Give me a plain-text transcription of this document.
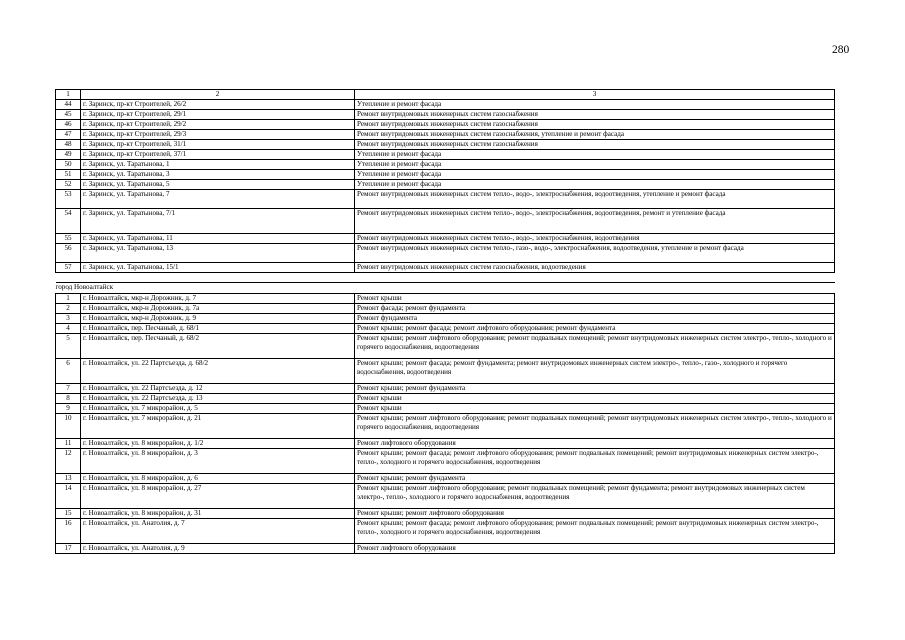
280
1	2	3
44	г. Заринск, пр-кт Строителей, 26/2	Утепление и ремонт фасада
45	г. Заринск, пр-кт Строителей, 29/1	Ремонт внутридомовых инженерных систем газоснабжения
46	г. Заринск, пр-кт Строителей, 29/2	Ремонт внутридомовых инженерных систем газоснабжения
47	г. Заринск, пр-кт Строителей, 29/3	Ремонт внутридомовых инженерных систем газоснабжения, утепление и ремонт фасада
48	г. Заринск, пр-кт Строителей, 31/1	Ремонт внутридомовых инженерных систем газоснабжения
49	г. Заринск, пр-кт Строителей, 37/1	Утепление и ремонт фасада
50	г. Заринск, ул. Таратынова, 1	Утепление и ремонт фасада
51	г. Заринск, ул. Таратынова, 3	Утепление и ремонт фасада
52	г. Заринск, ул. Таратынова, 5	Утепление и ремонт фасада
53	г. Заринск, ул. Таратынова, 7	Ремонт внутридомовых инженерных систем тепло-, водо-, электроснабжения, водоотведения, утепление и ремонт фасада
54	г. Заринск, ул. Таратынова, 7/1	Ремонт внутридомовых инженерных систем тепло-, водо-, электроснабжения, водоотведения, ремонт и утепление фасада
55	г. Заринск, ул. Таратынова, 11	Ремонт внутридомовых инженерных систем тепло-, водо-, электроснабжения, водоотведения
56	г. Заринск, ул. Таратынова, 13	Ремонт внутридомовых инженерных систем тепло-, газо-, водо-, электроснабжения, водоотведения, утепление и ремонт фасада
57	г. Заринск, ул. Таратынова, 15/1	Ремонт внутридомовых инженерных систем газоснабжения, водоотведения

город Новоалтайск		
1	г. Новоалтайск, мкр-н Дорожник, д. 7	Ремонт крыши
2	г. Новоалтайск, мкр-н Дорожник, д. 7а	Ремонт фасада; ремонт фундамента
3	г. Новоалтайск, мкр-н Дорожник, д. 9	Ремонт фундамента
4	г. Новоалтайск, пер. Песчаный, д. 68/1	Ремонт крыши; ремонт фасада; ремонт лифтового оборудования; ремонт фундамента
5	г. Новоалтайск, пер. Песчаный, д. 68/2	Ремонт крыши; ремонт лифтового оборудования; ремонт подвальных помещений; ремонт внутридомовых инженерных систем электро-, тепло-, холодного и горячего водоснабжения, водоотведения
6	г. Новоалтайск, ул. 22 Партсъезда, д. 68/2	Ремонт крыши; ремонт фасада; ремонт фундамента; ремонт внутридомовых инженерных систем электро-, тепло-, газо-, холодного и горячего водоснабжения, водоотведения
7	г. Новоалтайск, ул. 22 Партсъезда, д. 12	Ремонт крыши; ремонт фундамента
8	г. Новоалтайск, ул. 22 Партсъезда, д. 13	Ремонт крыши
9	г. Новоалтайск, ул. 7 микрорайон, д. 5	Ремонт крыши
10	г. Новоалтайск, ул. 7 микрорайон, д. 21	Ремонт крыши; ремонт лифтового оборудования; ремонт подвальных помещений; ремонт внутридомовых инженерных систем электро-, тепло-, холодного и горячего водоснабжения, водоотведения
11	г. Новоалтайск, ул. 8 микрорайон, д. 1/2	Ремонт лифтового оборудования
12	г. Новоалтайск, ул. 8 микрорайон, д. 3	Ремонт крыши; ремонт фасада; ремонт лифтового оборудования; ремонт подвальных помещений; ремонт внутридомовых инженерных систем электро-, тепло-, холодного и горячего водоснабжения, водоотведения
13	г. Новоалтайск, ул. 8 микрорайон, д. 6	Ремонт крыши; ремонт фундамента
14	г. Новоалтайск, ул. 8 микрорайон, д. 27	Ремонт крыши; ремонт лифтового оборудования; ремонт подвальных помещений; ремонт фундамента; ремонт внутридомовых инженерных систем электро-, тепло-, холодного и горячего водоснабжения, водоотведения
15	г. Новоалтайск, ул. 8 микрорайон, д. 31	Ремонт крыши; ремонт лифтового оборудования
16	г. Новоалтайск, ул. Анатолия, д. 7	Ремонт крыши; ремонт фасада; ремонт лифтового оборудования; ремонт подвальных помещений; ремонт внутридомовых инженерных систем электро-, тепло-, холодного и горячего водоснабжения, водоотведения
17	г. Новоалтайск, ул. Анатолия, д. 9	Ремонт лифтового оборудования
